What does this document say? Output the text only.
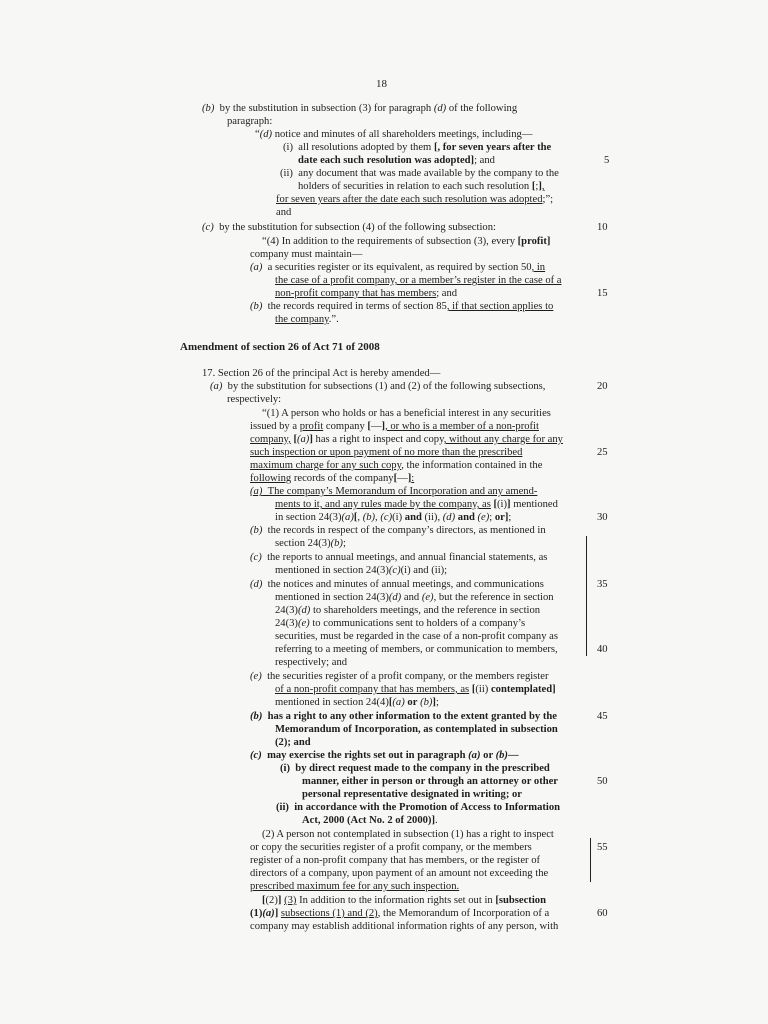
18
(b)  by the substitution in subsection (3) for paragraph (d) of the following
paragraph:
“(d) notice and minutes of all shareholders meetings, including—
(i)  all resolutions adopted by them [, for seven years after the
date each such resolution was adopted]; and
(ii)  any document that was made available by the company to the
holders of securities in relation to each such resolution [;],
for seven years after the date each such resolution was adopted;”;
and
(c)  by the substitution for subsection (4) of the following subsection:
“(4) In addition to the requirements of subsection (3), every [profit]
company must maintain—
(a)  a securities register or its equivalent, as required by section 50, in
the case of a profit company, or a member’s register in the case of a
non-profit company that has members; and
(b)  the records required in terms of section 85, if that section applies to
the company.”.
17. Section 26 of the principal Act is hereby amended—
(a)  by the substitution for subsections (1) and (2) of the following subsections,
respectively:
“(1) A person who holds or has a beneficial interest in any securities
issued by a profit company [—], or who is a member of a non-profit
company, [(a)] has a right to inspect and copy, without any charge for any
such inspection or upon payment of no more than the prescribed
maximum charge for any such copy, the information contained in the
following records of the company[—]:
(a)  The company’s Memorandum of Incorporation and any amend-
ments to it, and any rules made by the company, as [(i)] mentioned
in section 24(3)(a)[, (b), (c)(i) and (ii), (d) and (e); or];
(b)  the records in respect of the company’s directors, as mentioned in
section 24(3)(b);
(c)  the reports to annual meetings, and annual financial statements, as
mentioned in section 24(3)(c)(i) and (ii);
(d)  the notices and minutes of annual meetings, and communications
mentioned in section 24(3)(d) and (e), but the reference in section
24(3)(d) to shareholders meetings, and the reference in section
24(3)(e) to communications sent to holders of a company’s
securities, must be regarded in the case of a non-profit company as
referring to a meeting of members, or communication to members,
respectively; and
(e)  the securities register of a profit company, or the members register
of a non-profit company that has members, as [(ii) contemplated]
mentioned in section 24(4)[(a) or (b)];
(b)  has a right to any other information to the extent granted by the
Memorandum of Incorporation, as contemplated in subsection
(2); and
(c)  may exercise the rights set out in paragraph (a) or (b)—
(i)  by direct request made to the company in the prescribed
manner, either in person or through an attorney or other
personal representative designated in writing; or
(ii)  in accordance with the Promotion of Access to Information
Act, 2000 (Act No. 2 of 2000)].
(2) A person not contemplated in subsection (1) has a right to inspect
or copy the securities register of a profit company, or the members
register of a non-profit company that has members, or the register of
directors of a company, upon payment of an amount not exceeding the
prescribed maximum fee for any such inspection.
[(2)] (3) In addition to the information rights set out in [subsection
(1)(a)] subsections (1) and (2), the Memorandum of Incorporation of a
company may establish additional information rights of any person, with
Amendment of section 26 of Act 71 of 2008
5
10
15
20
25
30
35
40
45
50
55
60
